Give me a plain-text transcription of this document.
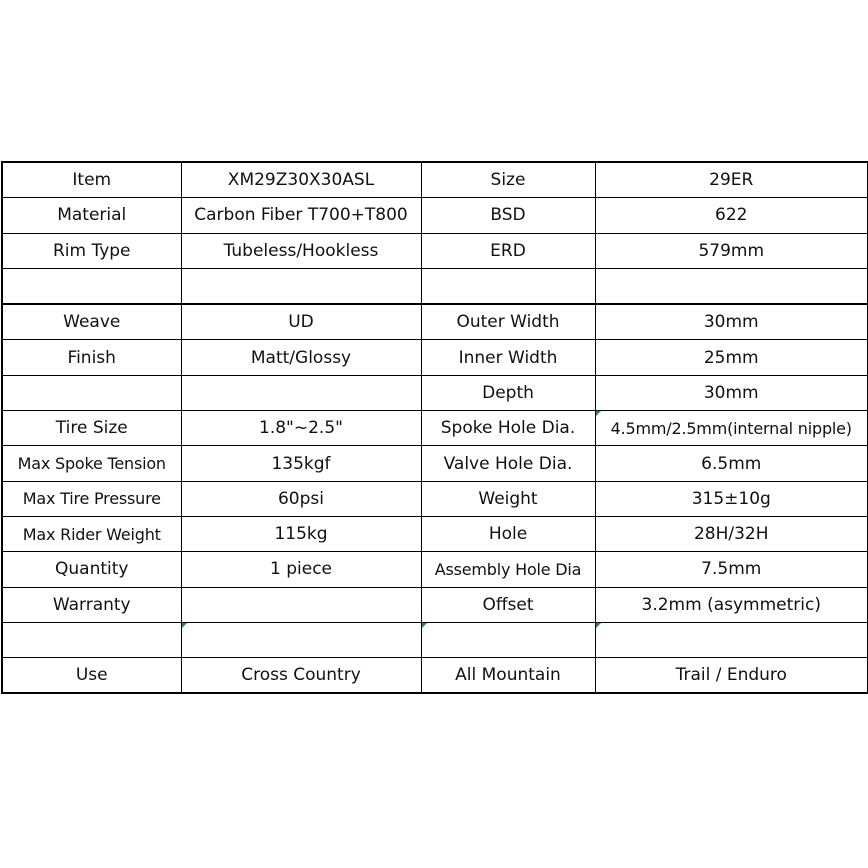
Item	XM29Z30X30ASL	Size	29ER
Material	Carbon Fiber T700+T800	BSD	622
Rim Type	Tubeless/Hookless	ERD	579mm

Weave	UD	Outer Width	30mm
Finish	Matt/Glossy	Inner Width	25mm
		Depth	30mm
Tire Size	1.8"~2.5"	Spoke Hole Dia.	4.5mm/2.5mm(internal nipple)
Max Spoke Tension	135kgf	Valve Hole Dia.	6.5mm
Max Tire Pressure	60psi	Weight	315±10g
Max Rider Weight	115kg	Hole	28H/32H
Quantity	1 piece	Assembly Hole Dia	7.5mm
Warranty		Offset	3.2mm (asymmetric)

Use	Cross Country	All Mountain	Trail / Enduro
